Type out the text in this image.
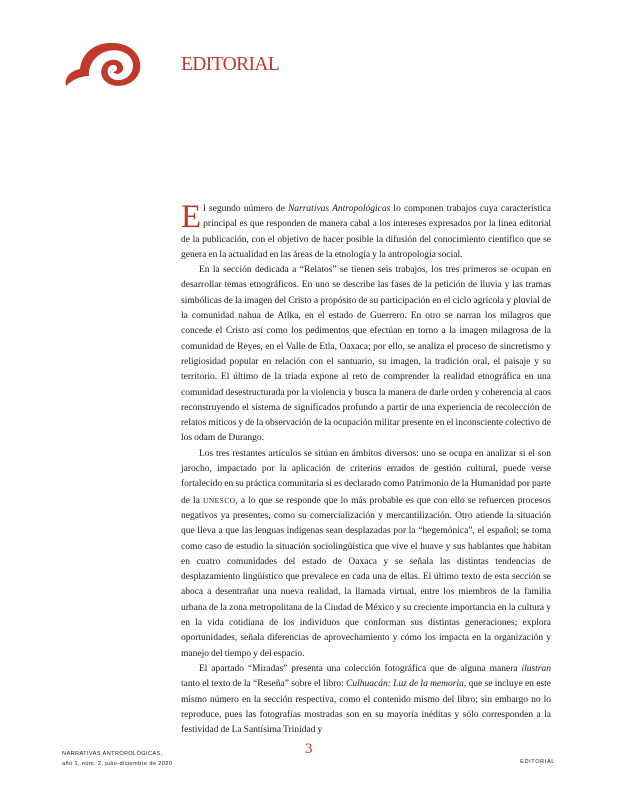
EDITORIAL

El segundo número de Narrativas Antropológicas lo componen trabajos cuya característica principal es que responden de manera cabal a los intereses expresados por la línea editorial de la publicación, con el objetivo de hacer posible la difusión del conocimiento científico que se genera en la actualidad en las áreas de la etnología y la antropología social.

En la sección dedicada a “Relatos” se tienen seis trabajos, los tres primeros se ocupan en desarrollar temas etnográficos. En uno se describe las fases de la petición de lluvia y las tramas simbólicas de la imagen del Cristo a propósito de su participación en el ciclo agrícola y pluvial de la comunidad nahua de Atlka, en el estado de Guerrero. En otro se narran los milagros que concede el Cristo así como los pedimentos que efectúan en torno a la imagen milagrosa de la comunidad de Reyes, en el Valle de Etla, Oaxaca; por ello, se analiza el proceso de sincretismo y religiosidad popular en relación con el santuario, su imagen, la tradición oral, el paisaje y su territorio. El último de la tríada expone al reto de comprender la realidad etnográfica en una comunidad desestructurada por la violencia y busca la manera de darle orden y coherencia al caos reconstruyendo el sistema de significados profundo a partir de una experiencia de recolección de relatos míticos y de la observación de la ocupación militar presente en el inconsciente colectivo de los odam de Durango.

Los tres restantes artículos se sitúan en ámbitos diversos: uno se ocupa en analizar si el son jarocho, impactado por la aplicación de criterios errados de gestión cultural, puede verse fortalecido en su práctica comunitaria si es declarado como Patrimonio de la Humanidad por parte de la UNESCO, a lo que se responde que lo más probable es que con ello se refuercen procesos negativos ya presentes, como su comercialización y mercantilización. Otro atiende la situación que lleva a que las lenguas indígenas sean desplazadas por la “hegemónica”, el español; se toma como caso de estudio la situación sociolingüística que vive el huave y sus hablantes que habitan en cuatro comunidades del estado de Oaxaca y se señala las distintas tendencias de desplazamiento lingüístico que prevalece en cada una de ellas. El último texto de esta sección se aboca a desentrañar una nueva realidad, la llamada virtual, entre los miembros de la familia urbana de la zona metropolitana de la Ciudad de México y su creciente importancia en la cultura y en la vida cotidiana de los individuos que conforman sus distintas generaciones; explora oportunidades, señala diferencias de aprovechamiento y cómo los impacta en la organización y manejo del tiempo y del espacio.

El apartado “Miradas” presenta una colección fotográfica que de alguna manera ilustran tanto el texto de la “Reseña” sobre el libro: Culhuacán: Luz de la memoria, que se incluye en este mismo número en la sección respectiva, como el contenido mismo del libro; sin embargo no lo reproduce, pues las fotografías mostradas son en su mayoría inéditas y sólo corresponden a la festividad de La Santísima Trinidad y

NARRATIVAS ANTROPOLÓGICAS,
año 1, núm. 2, julio-diciembre de 2020
3
EDITORIAL
